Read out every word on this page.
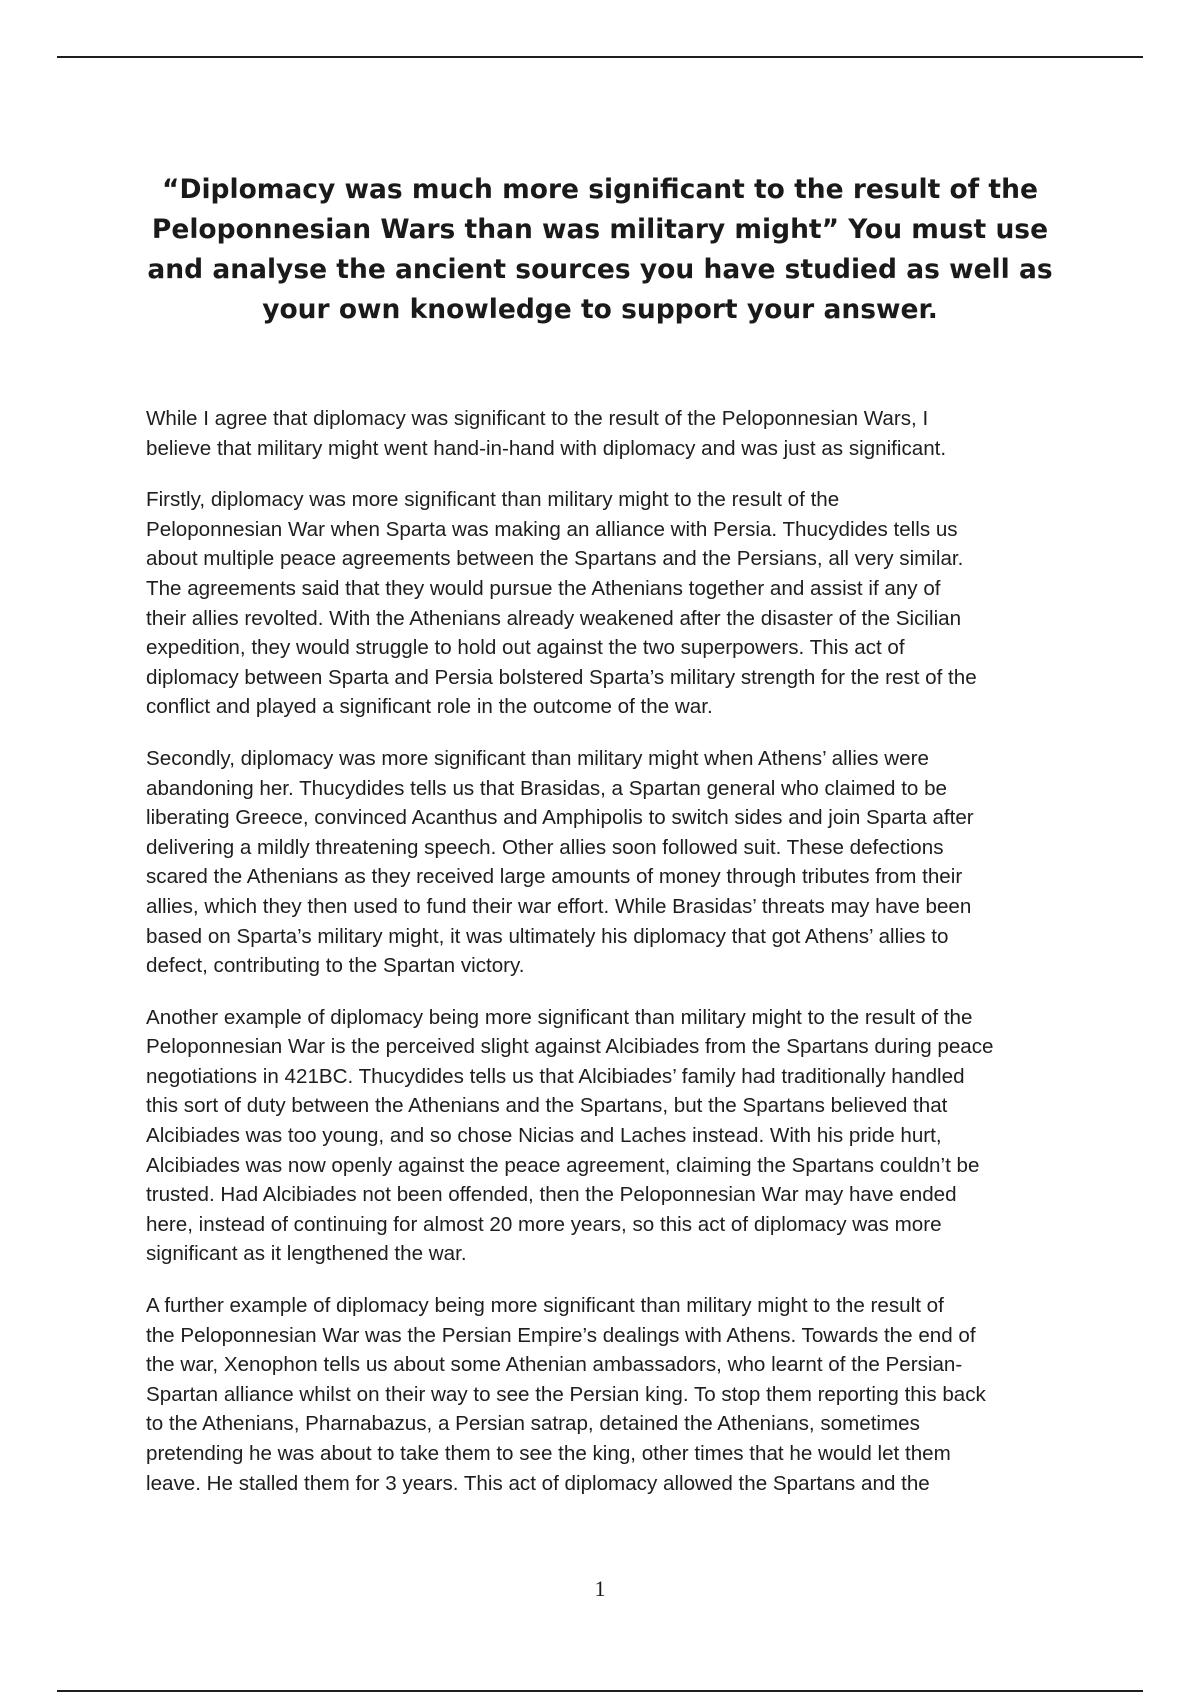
“Diplomacy was much more significant to the result of the Peloponnesian Wars than was military might” You must use and analyse the ancient sources you have studied as well as your own knowledge to support your answer.

While I agree that diplomacy was significant to the result of the Peloponnesian Wars, I
believe that military might went hand-in-hand with diplomacy and was just as significant.

Firstly, diplomacy was more significant than military might to the result of the
Peloponnesian War when Sparta was making an alliance with Persia. Thucydides tells us
about multiple peace agreements between the Spartans and the Persians, all very similar.
The agreements said that they would pursue the Athenians together and assist if any of
their allies revolted. With the Athenians already weakened after the disaster of the Sicilian
expedition, they would struggle to hold out against the two superpowers. This act of
diplomacy between Sparta and Persia bolstered Sparta’s military strength for the rest of the
conflict and played a significant role in the outcome of the war.

Secondly, diplomacy was more significant than military might when Athens’ allies were
abandoning her. Thucydides tells us that Brasidas, a Spartan general who claimed to be
liberating Greece, convinced Acanthus and Amphipolis to switch sides and join Sparta after
delivering a mildly threatening speech. Other allies soon followed suit. These defections
scared the Athenians as they received large amounts of money through tributes from their
allies, which they then used to fund their war effort. While Brasidas’ threats may have been
based on Sparta’s military might, it was ultimately his diplomacy that got Athens’ allies to
defect, contributing to the Spartan victory.

Another example of diplomacy being more significant than military might to the result of the
Peloponnesian War is the perceived slight against Alcibiades from the Spartans during peace
negotiations in 421BC. Thucydides tells us that Alcibiades’ family had traditionally handled
this sort of duty between the Athenians and the Spartans, but the Spartans believed that
Alcibiades was too young, and so chose Nicias and Laches instead. With his pride hurt,
Alcibiades was now openly against the peace agreement, claiming the Spartans couldn’t be
trusted. Had Alcibiades not been offended, then the Peloponnesian War may have ended
here, instead of continuing for almost 20 more years, so this act of diplomacy was more
significant as it lengthened the war.

A further example of diplomacy being more significant than military might to the result of
the Peloponnesian War was the Persian Empire’s dealings with Athens. Towards the end of
the war, Xenophon tells us about some Athenian ambassadors, who learnt of the Persian-
Spartan alliance whilst on their way to see the Persian king. To stop them reporting this back
to the Athenians, Pharnabazus, a Persian satrap, detained the Athenians, sometimes
pretending he was about to take them to see the king, other times that he would let them
leave. He stalled them for 3 years. This act of diplomacy allowed the Spartans and the

1
